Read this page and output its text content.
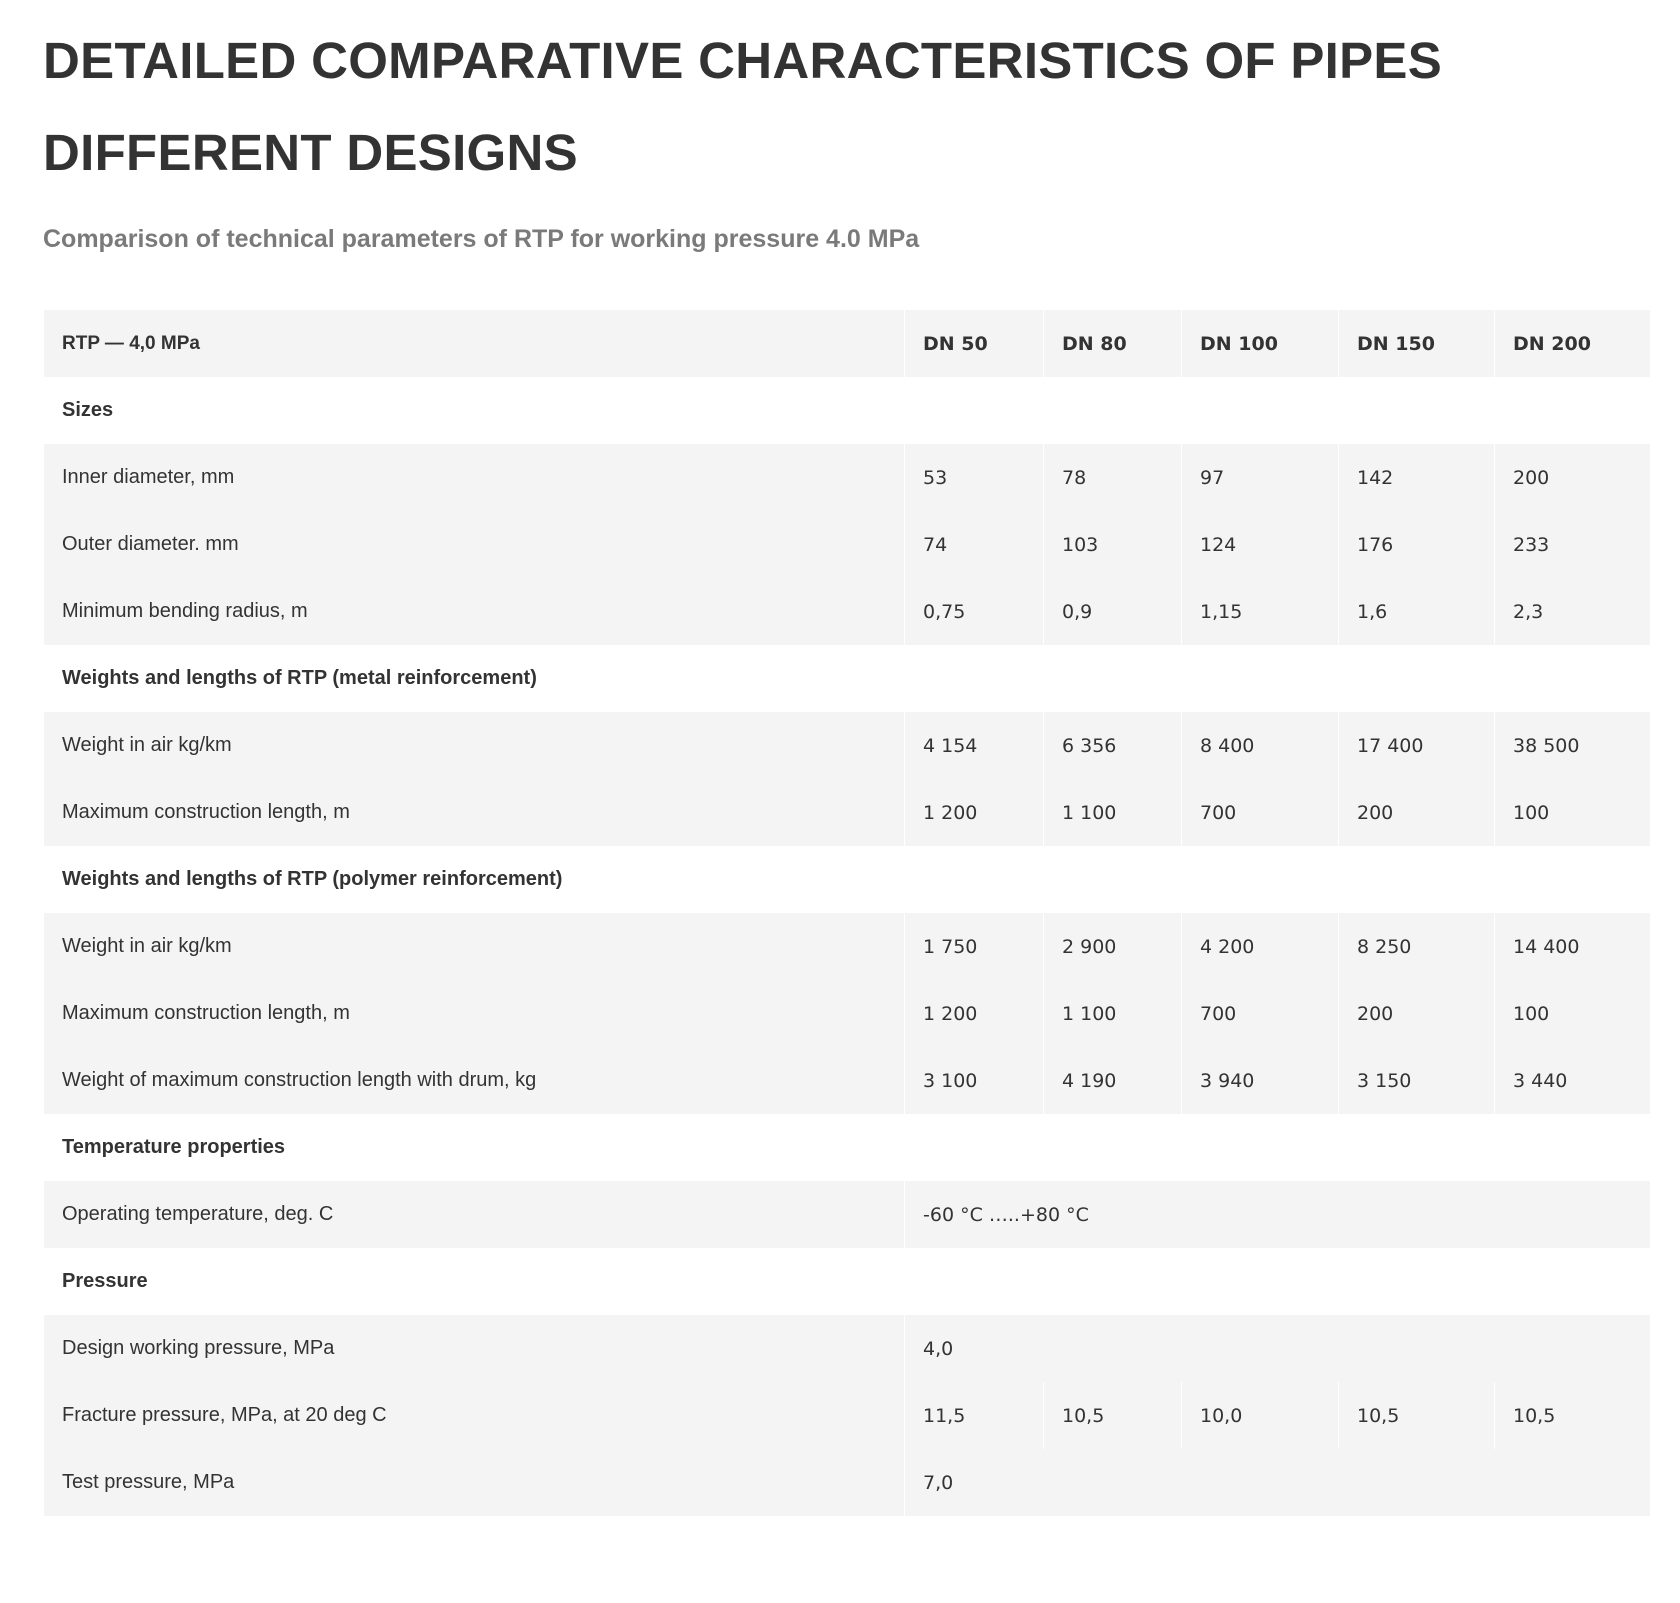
DETAILED COMPARATIVE CHARACTERISTICS OF PIPES
DIFFERENT DESIGNS
Comparison of technical parameters of RTP for working pressure 4.0 MPa
RTP — 4,0 MPa	DN 50	DN 80	DN 100	DN 150	DN 200
Sizes					
Inner diameter, mm	53	78	97	142	200
Outer diameter. mm	74	103	124	176	233
Minimum bending radius, m	0,75	0,9	1,15	1,6	2,3
Weights and lengths of RTP (metal reinforcement)					
Weight in air kg/km	4 154	6 356	8 400	17 400	38 500
Maximum construction length, m	1 200	1 100	700	200	100
Weights and lengths of RTP (polymer reinforcement)					
Weight in air kg/km	1 750	2 900	4 200	8 250	14 400
Maximum construction length, m	1 200	1 100	700	200	100
Weight of maximum construction length with drum, kg	3 100	4 190	3 940	3 150	3 440
Temperature properties					
Operating temperature, deg. C	-60 °C …..+80 °C				
Pressure					
Design working pressure, MPa	4,0				
Fracture pressure, MPa, at 20 deg C	11,5	10,5	10,0	10,5	10,5
Test pressure, MPa	7,0				
